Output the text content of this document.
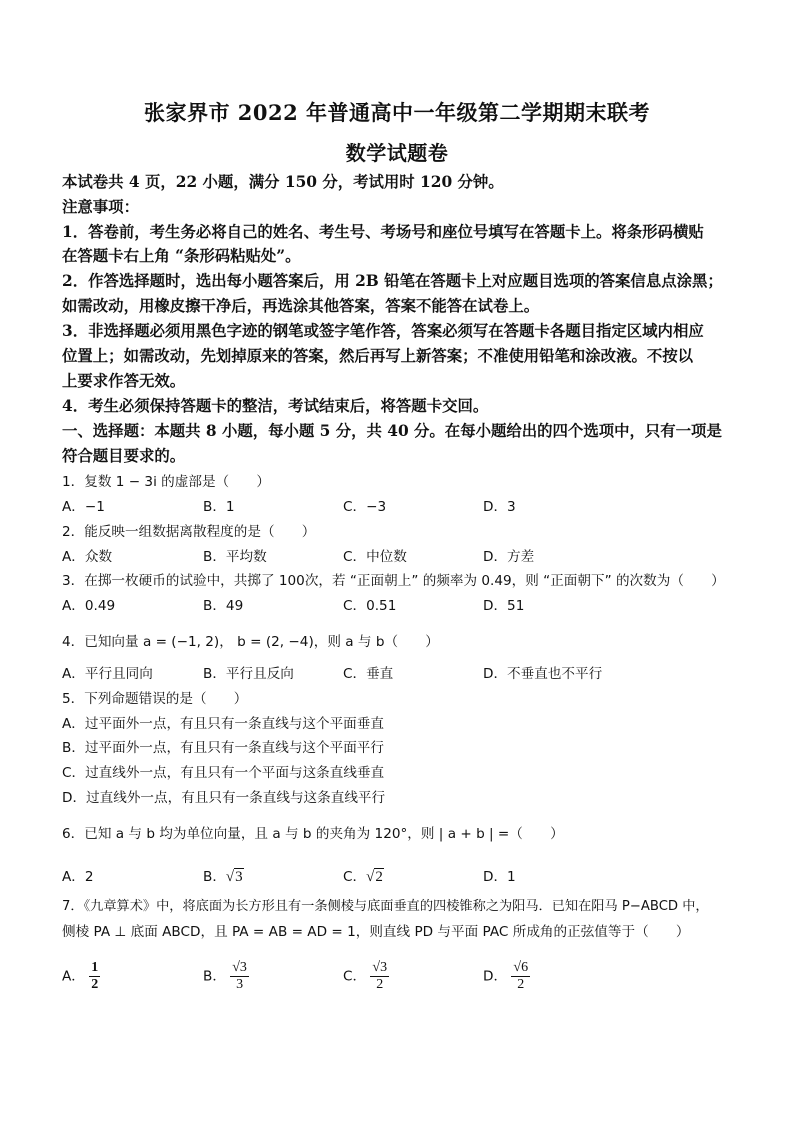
张家界市 2022 年普通高中一年级第二学期期末联考
数学试题卷
本试卷共 4 页，22 小题，满分 150 分，考试用时 120 分钟。
注意事项：
1．答卷前，考生务必将自己的姓名、考生号、考场号和座位号填写在答题卡上。将条形码横贴
在答题卡右上角 “条形码粘贴处”。
2．作答选择题时，选出每小题答案后，用 2B 铅笔在答题卡上对应题目选项的答案信息点涂黑；
如需改动，用橡皮擦干净后，再选涂其他答案，答案不能答在试卷上。
3．非选择题必须用黑色字迹的钢笔或签字笔作答，答案必须写在答题卡各题目指定区域内相应
位置上；如需改动，先划掉原来的答案，然后再写上新答案；不准使用铅笔和涂改液。不按以
上要求作答无效。
4．考生必须保持答题卡的整洁，考试结束后，将答题卡交回。
一、选择题：本题共 8 小题，每小题 5 分，共 40 分。在每小题给出的四个选项中，只有一项是
符合题目要求的。
1．复数 1 − 3i 的虚部是（　　）
A．−1	B．1	C．−3	D．3
2．能反映一组数据离散程度的是（　　）
A．众数	B．平均数	C．中位数	D．方差
3．在掷一枚硬币的试验中，共掷了 100次，若 “正面朝上” 的频率为 0.49，则 “正面朝下” 的次数为（　　）
A．0.49	B．49	C．0.51	D．51
4．已知向量 a = (−1, 2)， b = (2, −4)，则 a 与 b（　　）
A．平行且同向	B．平行且反向	C．垂直	D．不垂直也不平行
5．下列命题错误的是（　　）
A．过平面外一点，有且只有一条直线与这个平面垂直
B．过平面外一点，有且只有一条直线与这个平面平行
C．过直线外一点，有且只有一个平面与这条直线垂直
D．过直线外一点，有且只有一条直线与这条直线平行
6．已知 a 与 b 均为单位向量，且 a 与 b 的夹角为 120°，则 | a + b | =（　　）
A．2	B．√3	C．√2	D．1
7．《九章算术》中，将底面为长方形且有一条侧棱与底面垂直的四棱锥称之为阳马．已知在阳马 P−ABCD 中，
侧棱 PA ⊥ 底面 ABCD，且 PA = AB = AD = 1，则直线 PD 与平面 PAC 所成角的正弦值等于（　　）
A． $\frac{1}{2}$	B． $\frac{√3}{3}$	C． $\frac{√3}{2}$	D． $\frac{√6}{2}$
